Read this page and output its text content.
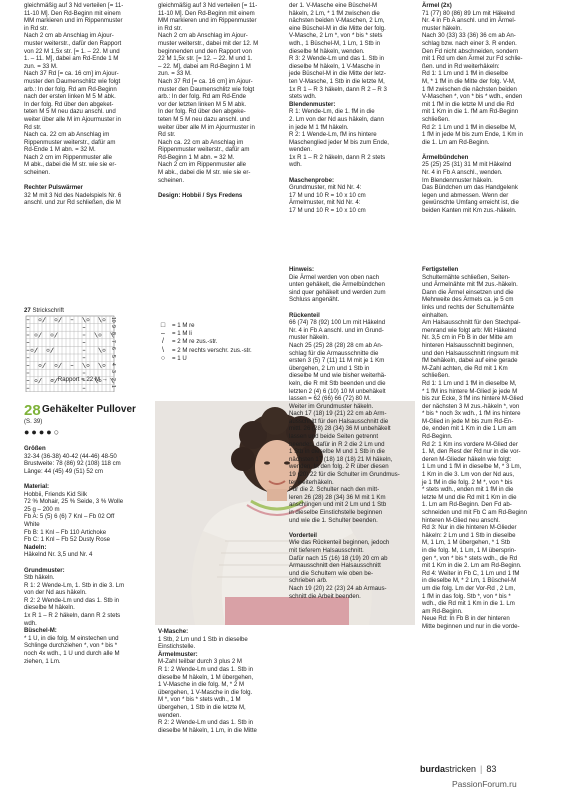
gleichmäßig auf 3 Nd verteilen [= 11-

11-10 M]. Den Rd-Beginn mit einem

MM markieren und im Rippenmuster

in Rd str.

Nach 2 cm ab Anschlag im Ajour-

muster weiterstr., dafür den Rapport

von 22 M 1,5x str. [= 1. – 22. M und

1. – 11. M], dabei am Rd-Ende 1 M

zun. = 33 M.

Nach 37 Rd [= ca. 16 cm] im Ajour-

muster den Daumenschlitz wie folgt

arb.: In der folg. Rd am Rd-Beginn

nach der ersten linken M 5 M abk.

In der folg. Rd über den abgeket-

teten M 5 M neu dazu anschl. und

weiter über alle M im Ajourmuster in

Rd str.

Nach ca. 22 cm ab Anschlag im

Rippenmuster weiterstr., dafür am

Rd-Ende 1 M abn. = 32 M.

Nach 2 cm im Rippenmuster alle

M abk., dabei die M str. wie sie er-

scheinen.

Rechter Pulswärmer

32 M mit 3 Nd des Nadelspiels Nr. 6

anschl. und zur Rd schließen, die M

gleichmäßig auf 3 Nd verteilen [= 11-

11-10 M]. Den Rd-Beginn mit einem

MM markieren und im Rippenmuster

in Rd str.

Nach 2 cm ab Anschlag im Ajour-

muster weiterstr., dabei mit der 12. M

beginnenden und den Rapport von

22 M 1,5x str. [= 12. – 22. M und 1.

– 22. M], dabei am Rd-Beginn 1 M

zun. = 33 M.

Nach 37 Rd [= ca. 16 cm] im Ajour-

muster den Daumenschlitz wie folgt

arb.: In der folg. Rd am Rd-Ende

vor der letzten linken M 5 M abk.

In der folg. Rd über den abgeke-

teten M 5 M neu dazu anschl. und

weiter über alle M im Ajourmuster in

Rd str.

Nach ca. 22 cm ab Anschlag im

Rippenmuster weiterstr., dafür am

Rd-Beginn 1 M abn. = 32 M.

Nach 2 cm im Rippenmuster alle

M abk., dabei die M str. wie sie er-

scheinen.

Design: Hobbii / Sys Fredens

der 1. V-Masche eine Büschel-M

häkeln, 2 Lm, * 1 fM zwischen die

nächsten beiden V-Maschen, 2 Lm,

eine Büschel-M in die Mitte der folg.

V-Masche, 2 Lm *, von * bis * stets

wdh., 1 Büschel-M, 1 Lm, 1 Stb in

dieselbe M häkeln, wenden.

R 3: 2 Wende-Lm und das 1. Stb in

dieselbe M häkeln, 1 V-Masche in

jede Büschel-M in die Mitte der letz-

ten V-Masche, 1 Stb in die letzte M,

1x R 1 – R 3 häkeln, dann R 2 – R 3

stets wdh.

Blendenmuster:

R 1: Wende-Lm, die 1. fM in die

2. Lm von der Nd aus häkeln, dann

in jede M 1 fM häkeln.

R 2: 1 Wende-Lm, fM ins hintere

Maschenglied jeder M bis zum Ende,

wenden.

1x R 1 – R 2 häkeln, dann R 2 stets

wdh.

Maschenprobe:

Grundmuster, mit Nd Nr. 4:

17 M und 10 R = 10 x 10 cm

Ärmelmuster, mit Nd Nr. 4:

17 M und 10 R = 10 x 10 cm

Ärmel (2x)

71 (77) 80 (86) 89 Lm mit Häkelnd

Nr. 4 in Fb A anschl. und im Ärmel-

muster häkeln.

Nach 30 (33) 33 (36) 36 cm ab An-

schlag bzw. nach einer 3. R enden.

Den Fd nicht abschneiden, sondern

mit 1 Rd um den Ärmel zur Fd schlie-

ßen. und in Rd weiterhäkeln:

Rd 1: 1 Lm und 1 fM in dieselbe

M, * 1 fM in die Mitte der folg. V-M,

1 fM zwischen die nächsten beiden

V-Maschen *, von * bis * wdh., enden

mit 1 fM in die letzte M und die Rd

mit 1 Km in die 1. fM am Rd-Beginn

schließen.

Rd 2: 1 Lm und 1 fM in dieselbe M,

1 fM in jede M bis zum Ende, 1 Km in

die 1. Lm am Rd-Beginn.

Ärmelbündchen

25 (25) 25 (31) 31 M mit Häkelnd

Nr. 4 in Fb A anschl., wenden.

Im Blendenmuster häkeln.

Das Bündchen um das Handgelenk

legen und abmessen. Wenn der

gewünschte Umfang erreicht ist, die

beiden Kanten mit Km zus.-häkeln.

27 Strickschrift
10
9
8
7
6
5
4
3
2
1
← Rapport = 22 M →
□	= 1 M re
–	= 1 M li
/	= 2 M re zus.-str.
\	= 2 M rechts verschr. zus.-str.
○	= 1 U
28 Gehäkelter Pullover
(S. 39)
●●●●○

Größen

32-34 (36-38) 40-42 (44-46) 48-50

Brustweite: 78 (86) 92 (108) 118 cm

Länge: 44 (45) 49 (51) 52 cm

Material:

Hobbii, Friends Kid Silk

72 % Mohair, 25 % Seide, 3 % Wolle

25 g – 200 m

Fb A: 5 (5) 6 (6) 7 Knl – Fb 02 Off

White

Fb B: 1 Knl – Fb 110 Artichoke

Fb C: 1 Knl – Fb 52 Dusty Rose

Nadeln:

Häkelnd Nr. 3,5 und Nr. 4

Grundmuster:

Stb häkeln.

R 1: 2 Wende-Lm, 1. Stb in die 3. Lm

von der Nd aus häkeln.

R 2: 2 Wende-Lm und das 1. Stb in

dieselbe M häkeln.

1x R 1 – R 2 häkeln, dann R 2 stets

wdh.

Büschel-M:

* 1 U, in die folg. M einstechen und

Schlinge durchziehen *, von * bis *

noch 4x wdh., 1 U und durch alle M

ziehen, 1 Lm.

V-Masche:

1 Stb, 2 Lm und 1 Stb in dieselbe

Einstichstelle.

Ärmelmuster:

M-Zahl teilbar durch 3 plus 2 M

R 1: 2 Wende-Lm und das 1. Stb in

dieselbe M häkeln, 1 M übergehen,

1 V-Masche in die folg. M, * 2 M

übergehen, 1 V-Masche in die folg.

M *, von * bis * stets wdh., 1 M

übergehen, 1 Stb in die letzte M,

wenden.

R 2: 2 Wende-Lm und das 1. Stb in

dieselbe M häkeln, 1 Lm, in die Mitte

Hinweis:

Die Ärmel werden von oben nach

unten gehäkelt, die Ärmelbündchen

sind quer gehäkelt und werden zum

Schluss angenäht.

Rückenteil

66 (74) 78 (92) 100 Lm mit Häkelnd

Nr. 4 in Fb A anschl. und im Grund-

muster häkeln.

Nach 25 (25) 28 (28) 28 cm ab An-

schlag für die Armausschnitte die

ersten 3 (5) 7 (11) 11 M mit je 1 Km

übergehen, 2 Lm und 1 Stb in

dieselbe M und wie bisher weiterhä-

keln, die R mit Stb beenden und die

letzten 2 (4) 6 (10) 10 M unbehäkelt

lassen = 62 (66) 66 (72) 80 M.

Weiter im Grundmuster häkeln.

Nach 17 (18) 19 (21) 22 cm ab Arm-

ausschnitt für den Halsausschnitt die

mittl. 26 (28) 28 (34) 36 M unbehäkelt

lassen und beide Seiten getrennt

beenden, dafür in R 2 die 2 Lm und

1 Stb in dieselbe M und 1 Stb in die

nächsten 17 (18) 18 (18) 21 M häkeln,

wenden. In den folg. 2 R über diesen

19 (20) 22 für die Schulter im Grundmus-

ter weiterhäkeln.

Für die 2. Schulter nach den mitt-

leren 26 (28) 28 (34) 36 M mit 1 Km

anschlingen und mit 2 Lm und 1 Stb

in dieselbe Einstichstelle beginnen

und wie die 1. Schulter beenden.

Vorderteil

Wie das Rückenteil beginnen, jedoch

mit tieferem Halsausschnitt.

Dafür nach 15 (16) 18 (19) 20 cm ab

Armausschnitt den Halsausschnitt

und die Schultern wie oben be-

schrieben arb.

Nach 19 (20) 22 (23) 24 ab Armaus-

schnitt die Arbeit beenden.

Fertigstellen

Schulternähte schließen, Seiten-

und Ärmelnähte mit fM zus.-häkeln.

Dann die Ärmel einsetzen und die

Mehrweite des Ärmels ca. je 5 cm

links und rechts der Schulternähte

einhalten.

Am Halsausschnitt für den Stechpal-

menrand wie folgt arb: Mit Häkelnd

Nr. 3,5 cm in Fb B in der Mitte am

hinteren Halsausschnitt beginnen,

und den Halsausschnitt ringsum mit

fM behäkeln, dabei auf eine gerade

M-Zahl achten, die Rd mit 1 Km

schließen.

Rd 1: 1 Lm und 1 fM in dieselbe M,

* 1 fM ins hintere M-Glied je jede M

bis zur Ecke, 3 fM ins hintere M-Glied

der nächsten 3 M zus.-häkeln *, von

* bis * noch 3x wdh., 1 fM ins hintere

M-Glied in jede M bis zum Rd-En-

de, enden mit 1 Km in die 1 Lm am

Rd-Beginn.

Rd 2: 1 Km ins vordere M-Glied der

1. M, den Rest der Rd nur in die vor-

deren M-Glieder häkeln wie folgt:

1 Lm und 1 fM in dieselbe M, * 3 Lm,

1 Km in die 3. Lm von der Nd aus,

je 1 fM in die folg. 2 M *, von * bis

* stets wdh., enden mit 1 fM in die

letzte M und die Rd mit 1 Km in die

1. Lm am Rd-Beginn. Den Fd ab-

schneiden und mit Fb C am Rd-Beginn

hinteren M-Glied neu anschl.

Rd 3: Nur in die hinteren M-Glieder

häkeln: 2 Lm und 1 Stb in dieselbe

M, 1 Lm, 1 M übergehen, * 1 Stb

in die folg. M, 1 Lm, 1 M übersprin-

gen *, von * bis * stets wdh., die Rd

mit 1 Km in die 2. Lm am Rd-Beginn.

Rd 4: Weiter in Fb C, 1 Lm und 1 fM

in dieselbe M, * 2 Lm, 1 Büschel-M

um die folg. Lm der Vor-Rd , 2 Lm,

1 fM in das folg. Stb *, von * bis *

wdh., die Rd mit 1 Km in die 1. Lm

am Rd-Beginn.

Neue Rd: In Fb B in der hinteren

Mitte beginnen und nur in die vorde-

burdastricken | 83
PassionForum.ru
